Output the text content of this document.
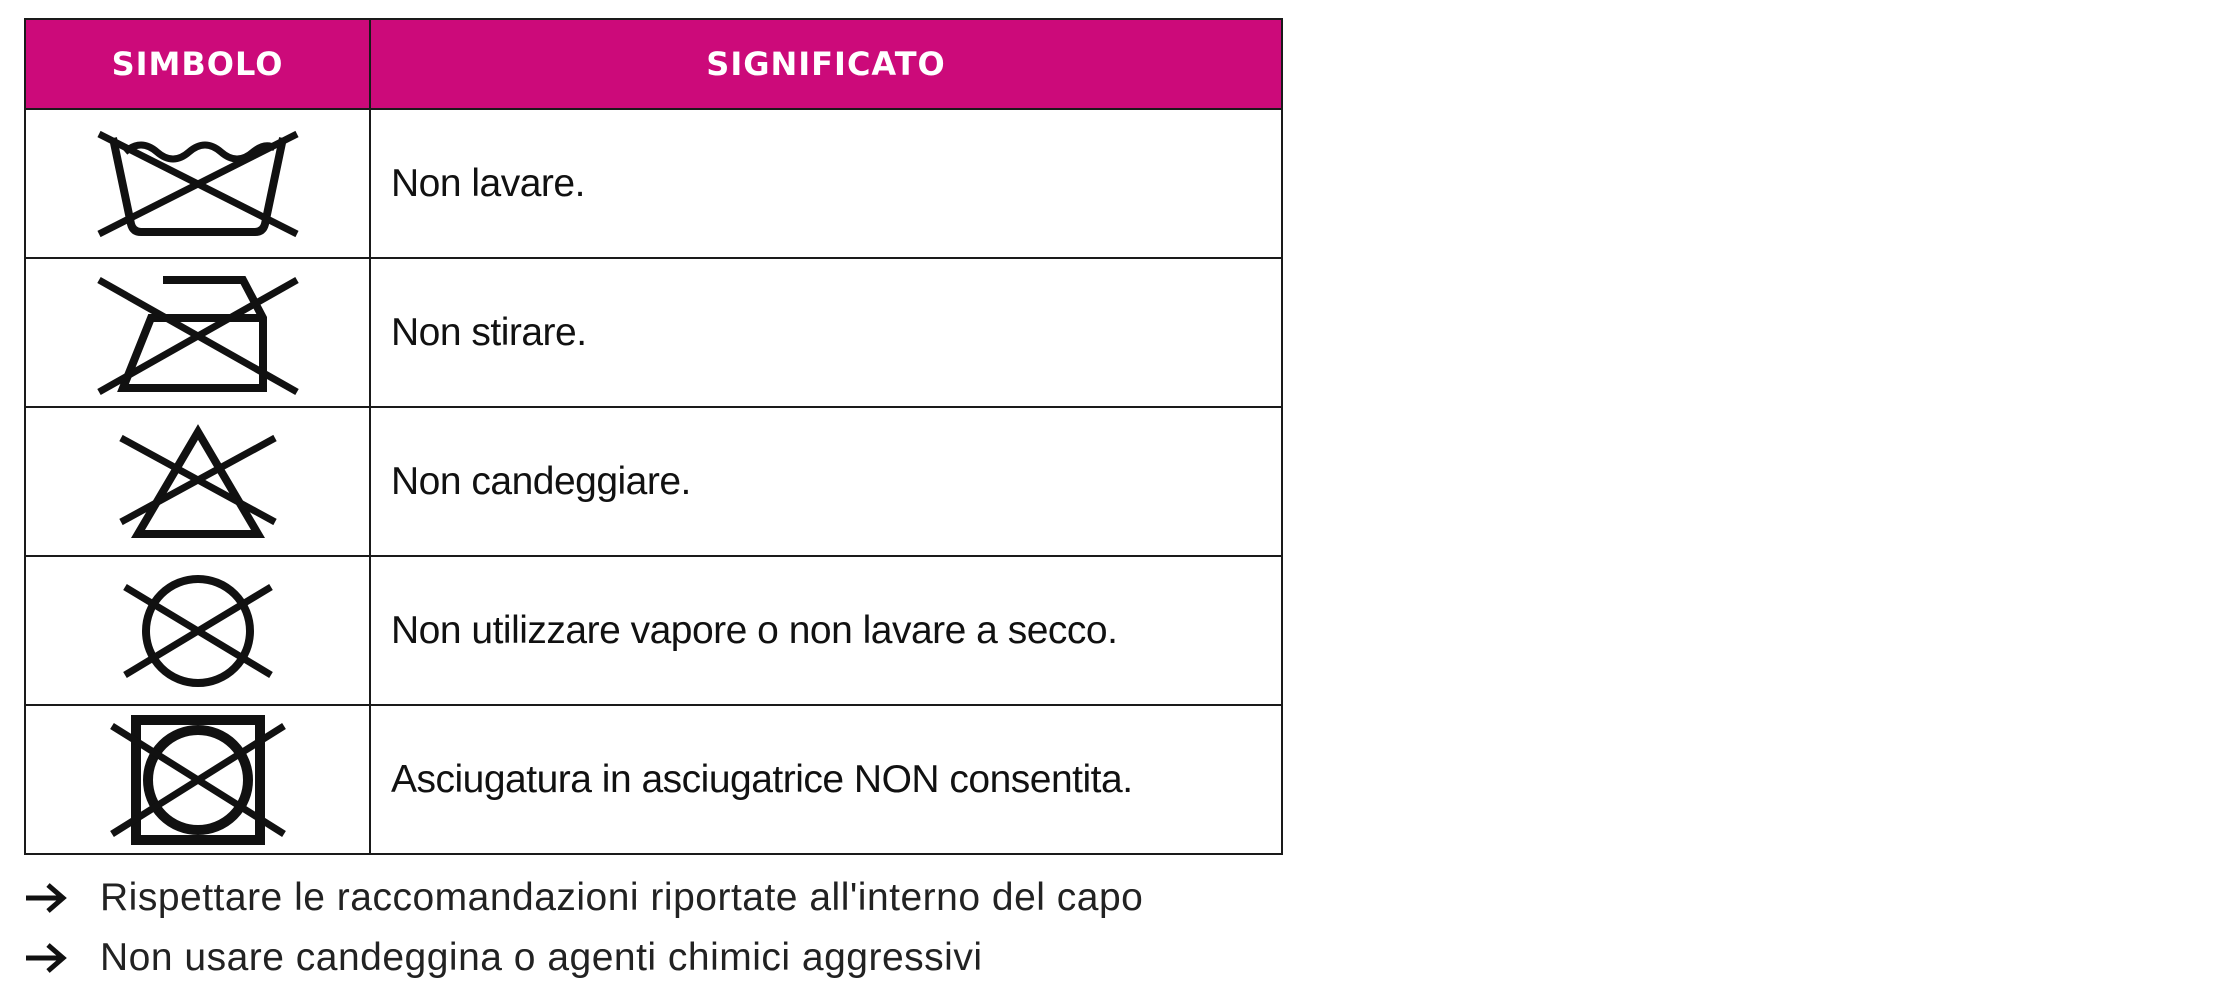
SIMBOLO	SIGNIFICATO

	Non lavare.

	Non stirare.

	Non candeggiare.

	Non utilizzare vapore o non lavare a secco.

	Asciugatura in asciugatrice NON consentita.
Rispettare le raccomandazioni riportate all'interno del capo
Non usare candeggina o agenti chimici aggressivi
